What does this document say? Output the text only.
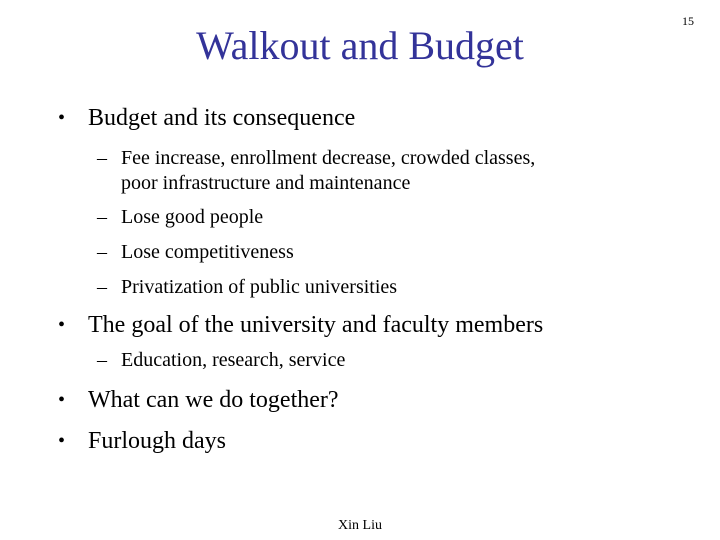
15
Walkout and Budget
• Budget and its consequence
– Fee increase, enrollment decrease, crowded classes,
poor infrastructure and maintenance
– Lose good people
– Lose competitiveness
– Privatization of public universities
• The goal of the university and faculty members
– Education, research, service
• What can we do together?
• Furlough days
Xin Liu
